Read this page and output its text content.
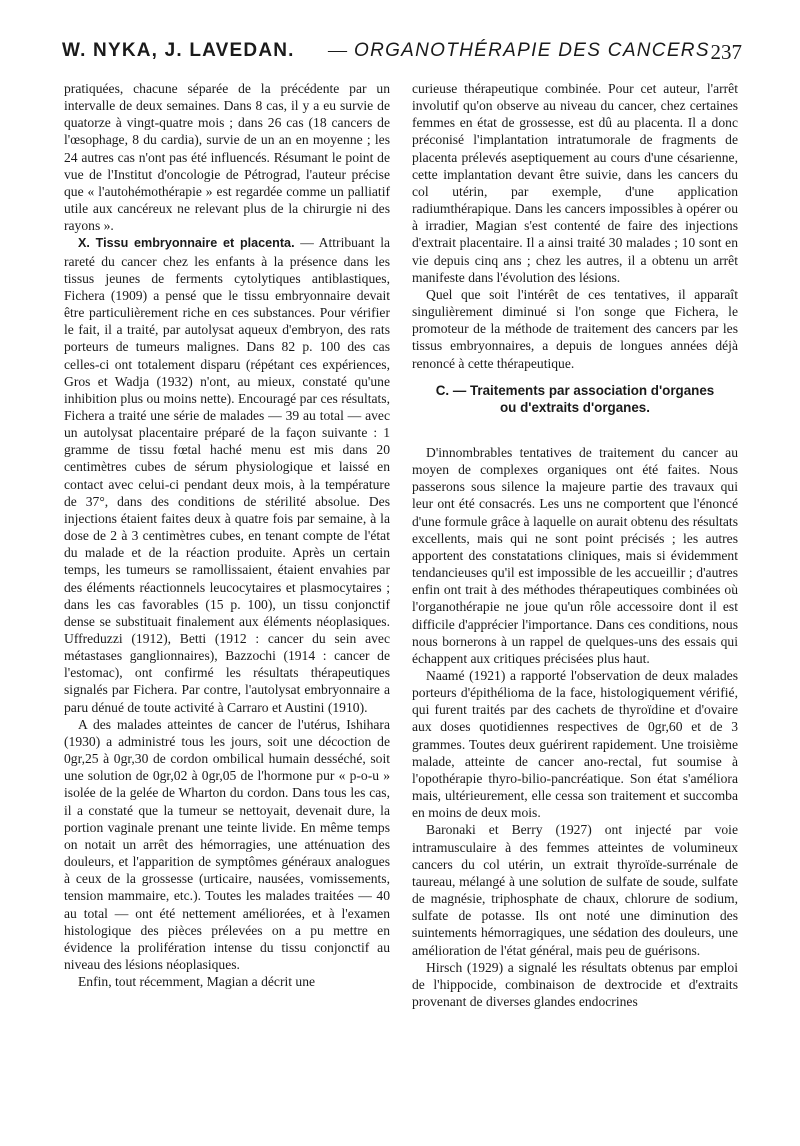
W. NYKA, J. LAVEDAN. — ORGANOTHÉRAPIE DES CANCERS 237

pratiquées, chacune séparée de la précédente par un intervalle de deux semaines. Dans 8 cas, il y a eu survie de quatorze à vingt-quatre mois ; dans 26 cas (18 cancers de l'œsophage, 8 du cardia), survie de un an en moyenne ; les 24 autres cas n'ont pas été influencés. Résumant le point de vue de l'Institut d'oncologie de Pétrograd, l'auteur précise que « l'autohémothérapie » est regardée comme un palliatif utile aux cancéreux ne relevant plus de la chirurgie ni des rayons ».

X. Tissu embryonnaire et placenta. — Attribuant la rareté du cancer chez les enfants à la présence dans les tissus jeunes de ferments cytolytiques antiblastiques, Fichera (1909) a pensé que le tissu embryonnaire devait être particulièrement riche en ces substances. Pour vérifier le fait, il a traité, par autolysat aqueux d'embryon, des rats porteurs de tumeurs malignes. Dans 82 p. 100 des cas celles-ci ont totalement disparu (répétant ces expériences, Gros et Wadja (1932) n'ont, au mieux, constaté qu'une inhibition plus ou moins nette). Encouragé par ces résultats, Fichera a traité une série de malades — 39 au total — avec un autolysat placentaire préparé de la façon suivante : 1 gramme de tissu fœtal haché menu est mis dans 20 centimètres cubes de sérum physiologique et laissé en contact avec celui-ci pendant deux mois, à la température de 37°, dans des conditions de stérilité absolue. Des injections étaient faites deux à quatre fois par semaine, à la dose de 2 à 3 centimètres cubes, en tenant compte de l'état du malade et de la réaction produite. Après un certain temps, les tumeurs se ramollissaient, étaient envahies par des éléments réactionnels leucocytaires et plasmocytaires ; dans les cas favorables (15 p. 100), un tissu conjonctif dense se substituait finalement aux éléments néoplasiques. Uffreduzzi (1912), Betti (1912 : cancer du sein avec métastases ganglionnaires), Bazzochi (1914 : cancer de l'estomac), ont confirmé les résultats thérapeutiques signalés par Fichera. Par contre, l'autolysat embryonnaire a paru dénué de toute activité à Carraro et Austini (1910).

A des malades atteintes de cancer de l'utérus, Ishihara (1930) a administré tous les jours, soit une décoction de 0gr,25 à 0gr,30 de cordon ombilical humain desséché, soit une solution de 0gr,02 à 0gr,05 de l'hormone pur « p-o-u » isolée de la gelée de Wharton du cordon. Dans tous les cas, il a constaté que la tumeur se nettoyait, devenait dure, la portion vaginale prenant une teinte livide. En même temps on notait un arrêt des hémorragies, une atténuation des douleurs, et l'apparition de symptômes généraux analogues à ceux de la grossesse (urticaire, nausées, vomissements, tension mammaire, etc.). Toutes les malades traitées — 40 au total — ont été nettement améliorées, et à l'examen histologique des pièces prélevées on a pu mettre en évidence la prolifération intense du tissu conjonctif au niveau des lésions néoplasiques.

Enfin, tout récemment, Magian a décrit une

curieuse thérapeutique combinée. Pour cet auteur, l'arrêt involutif qu'on observe au niveau du cancer, chez certaines femmes en état de grossesse, est dû au placenta. Il a donc préconisé l'implantation intratumorale de fragments de placenta prélevés aseptiquement au cours d'une césarienne, cette implantation devant être suivie, dans les cancers du col utérin, par exemple, d'une application radiumthérapique. Dans les cancers impossibles à opérer ou à irradier, Magian s'est contenté de faire des injections d'extrait placentaire. Il a ainsi traité 30 malades ; 10 sont en vie depuis cinq ans ; chez les autres, il a obtenu un arrêt manifeste dans l'évolution des lésions.

Quel que soit l'intérêt de ces tentatives, il apparaît singulièrement diminué si l'on songe que Fichera, le promoteur de la méthode de traitement des cancers par les tissus embryonnaires, a depuis de longues années déjà renoncé à cette thérapeutique.

C. — Traitements par association d'organes

ou d'extraits d'organes.

D'innombrables tentatives de traitement du cancer au moyen de complexes organiques ont été faites. Nous passerons sous silence la majeure partie des travaux qui leur ont été consacrés. Les uns ne comportent que l'énoncé d'une formule grâce à laquelle on aurait obtenu des résultats excellents, mais qui ne sont point précisés ; les autres apportent des constatations cliniques, mais si évidemment tendancieuses qu'il est impossible de les accueillir ; d'autres enfin ont trait à des méthodes thérapeutiques combinées où l'organothérapie ne joue qu'un rôle accessoire dont il est difficile d'apprécier l'importance. Dans ces conditions, nous nous bornerons à un rappel de quelques-uns des essais qui échappent aux critiques précisées plus haut.

Naamé (1921) a rapporté l'observation de deux malades porteurs d'épithélioma de la face, histologiquement vérifié, qui furent traités par des cachets de thyroïdine et d'ovaire aux doses quotidiennes respectives de 0gr,60 et de 3 grammes. Toutes deux guérirent rapidement. Une troisième malade, atteinte de cancer ano-rectal, fut soumise à l'opothérapie thyro-bilio-pancréatique. Son état s'améliora mais, ultérieurement, elle cessa son traitement et succomba en moins de deux mois.

Baronaki et Berry (1927) ont injecté par voie intramusculaire à des femmes atteintes de volumineux cancers du col utérin, un extrait thyroïde-surrénale de taureau, mélangé à une solution de sulfate de soude, sulfate de magnésie, triphosphate de chaux, chlorure de sodium, sulfate de potasse. Ils ont noté une diminution des suintements hémorragiques, une sédation des douleurs, une amélioration de l'état général, mais peu de guérisons.

Hirsch (1929) a signalé les résultats obtenus par emploi de l'hippocide, combinaison de dextrocide et d'extraits provenant de diverses glandes endocrines
